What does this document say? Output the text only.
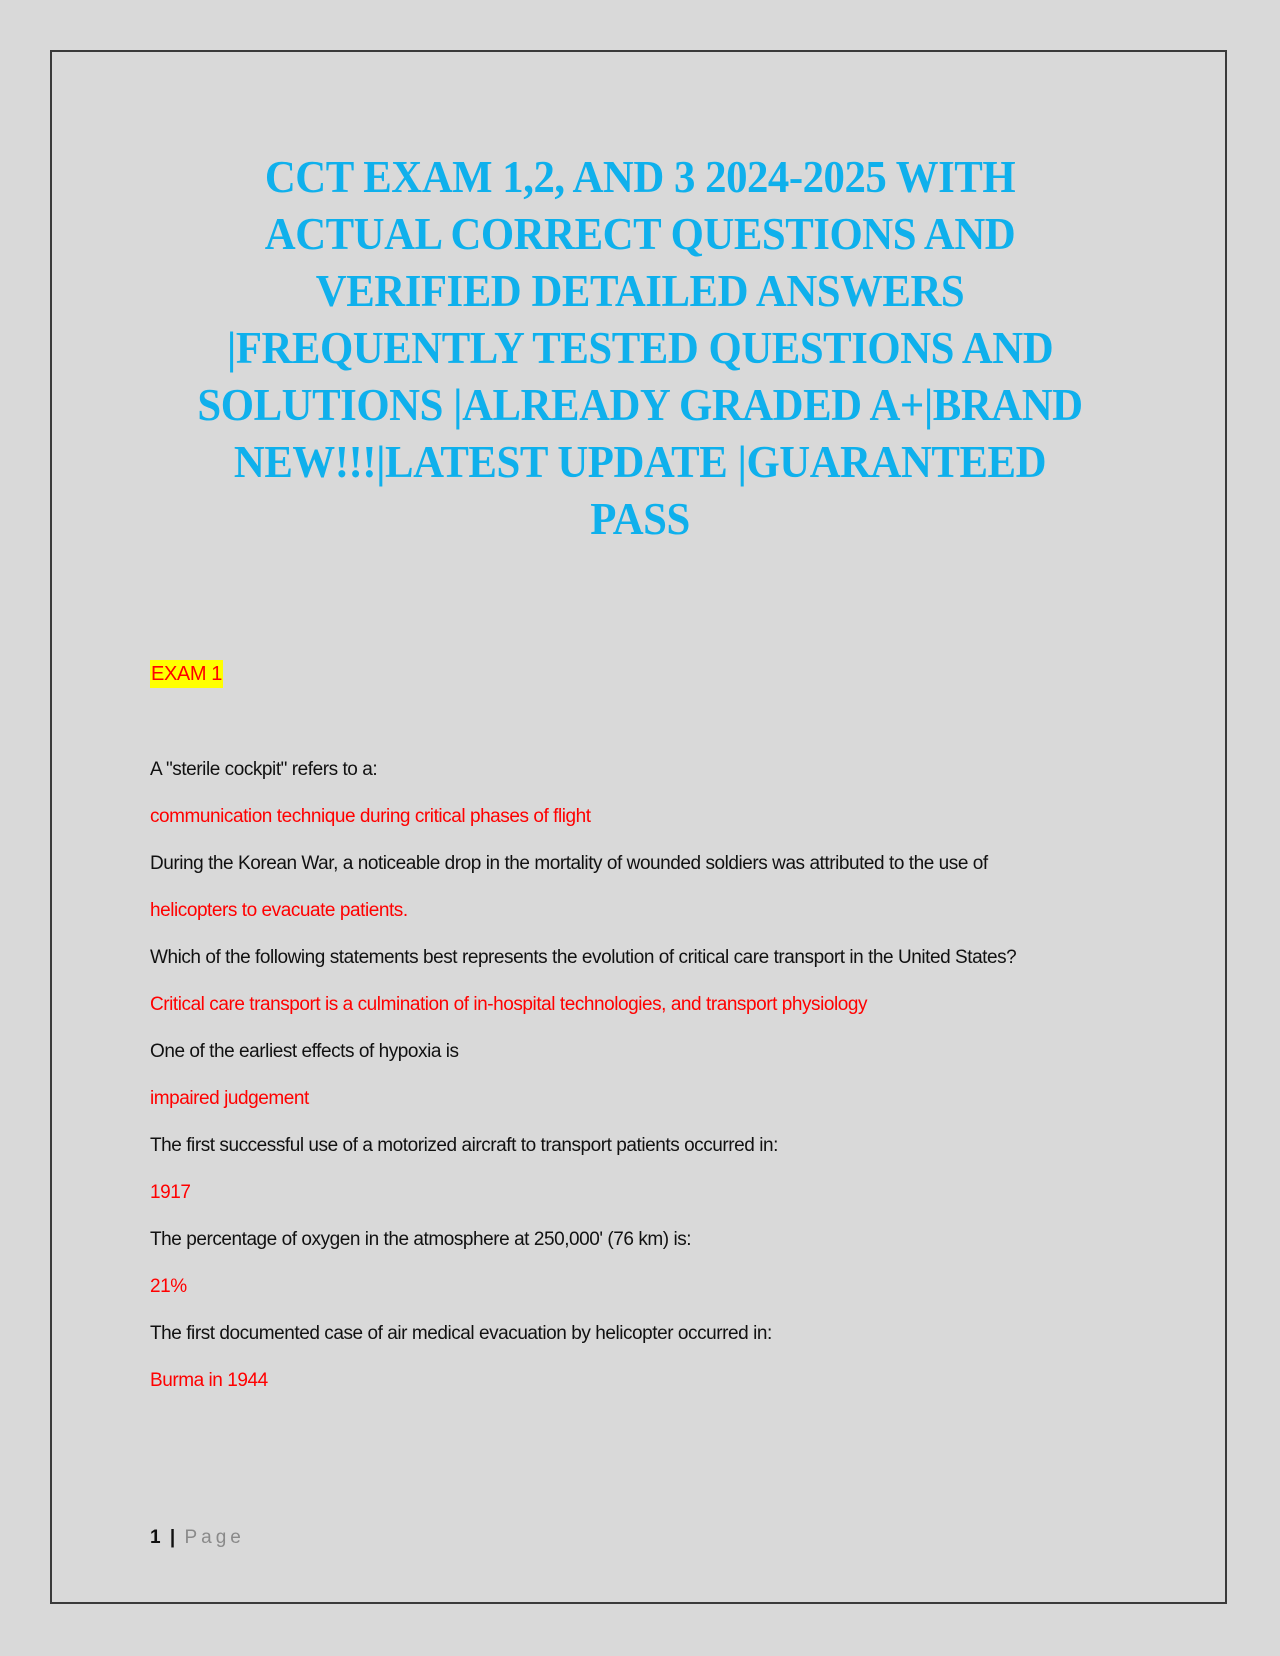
CCT EXAM 1,2, AND 3 2024-2025 WITH
ACTUAL CORRECT QUESTIONS AND
VERIFIED DETAILED ANSWERS
|FREQUENTLY TESTED QUESTIONS AND
SOLUTIONS |ALREADY GRADED A+|BRAND
NEW!!!|LATEST UPDATE |GUARANTEED
PASS
EXAM 1

A "sterile cockpit" refers to a:

communication technique during critical phases of flight

During the Korean War, a noticeable drop in the mortality of wounded soldiers was attributed to the use of

helicopters to evacuate patients.

Which of the following statements best represents the evolution of critical care transport in the United States?

Critical care transport is a culmination of in-hospital technologies, and transport physiology

One of the earliest effects of hypoxia is

impaired judgement

The first successful use of a motorized aircraft to transport patients occurred in:

1917

The percentage of oxygen in the atmosphere at 250,000' (76 km) is:

21%

The first documented case of air medical evacuation by helicopter occurred in:

Burma in 1944

1 | Page
